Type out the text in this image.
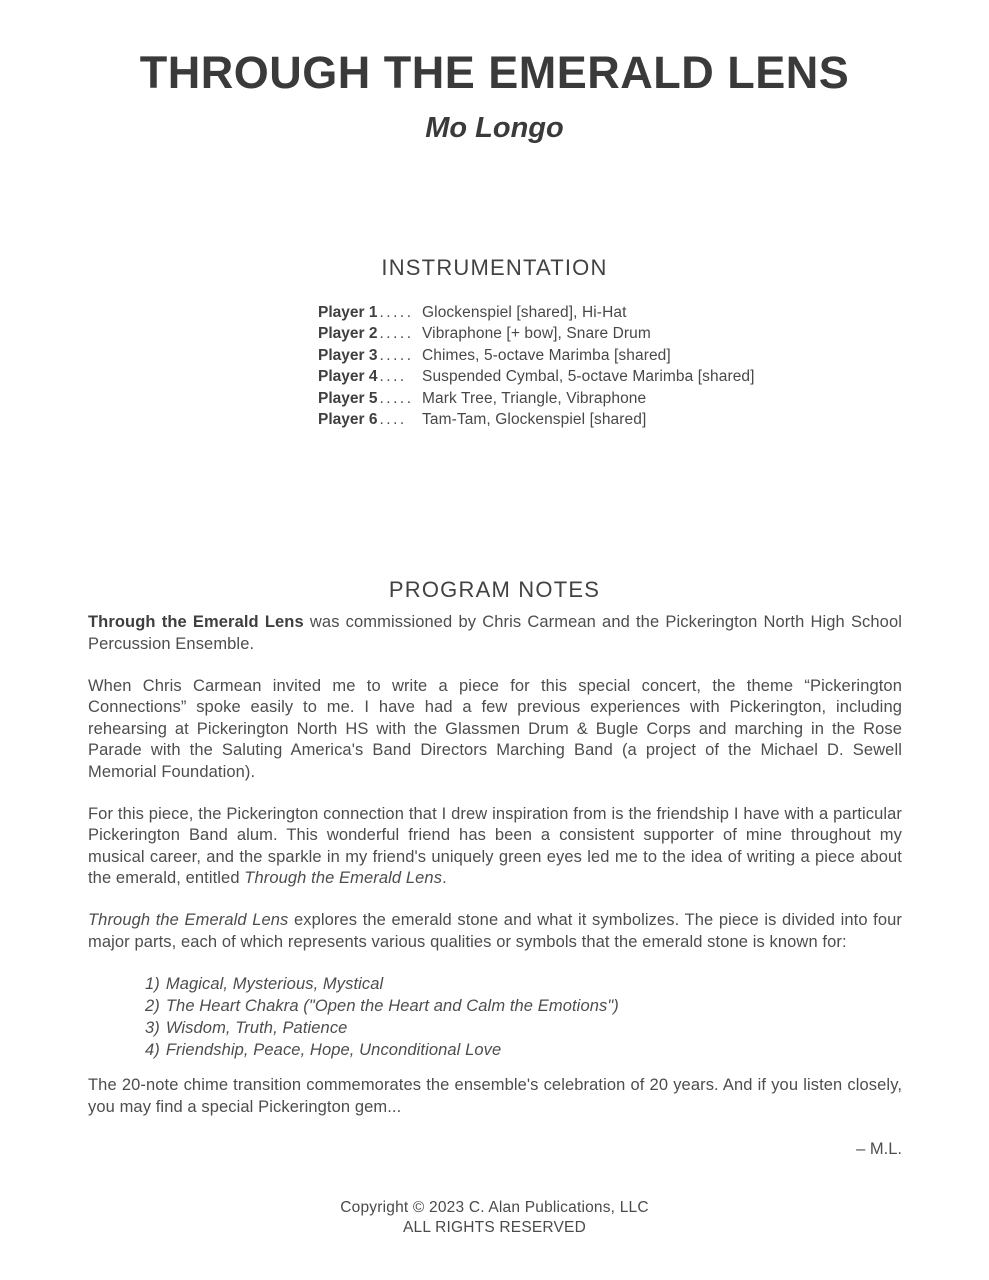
THROUGH THE EMERALD LENS
Mo Longo
INSTRUMENTATION
Player 1 ..... Glockenspiel [shared], Hi-Hat
Player 2 ..... Vibraphone [+ bow], Snare Drum
Player 3 ..... Chimes, 5-octave Marimba [shared]
Player 4 .... Suspended Cymbal, 5-octave Marimba [shared]
Player 5 ..... Mark Tree, Triangle, Vibraphone
Player 6 .... Tam-Tam, Glockenspiel [shared]
PROGRAM NOTES

Through the Emerald Lens was commissioned by Chris Carmean and the Pickerington North High School Percussion Ensemble.

When Chris Carmean invited me to write a piece for this special concert, the theme “Pickerington Connections” spoke easily to me. I have had a few previous experiences with Pickerington, including rehearsing at Pickerington North HS with the Glassmen Drum & Bugle Corps and marching in the Rose Parade with the Saluting America's Band Directors Marching Band (a project of the Michael D. Sewell Memorial Foundation).

For this piece, the Pickerington connection that I drew inspiration from is the friendship I have with a particular Pickerington Band alum. This wonderful friend has been a consistent supporter of mine throughout my musical career, and the sparkle in my friend's uniquely green eyes led me to the idea of writing a piece about the emerald, entitled Through the Emerald Lens.

Through the Emerald Lens explores the emerald stone and what it symbolizes. The piece is divided into four major parts, each of which represents various qualities or symbols that the emerald stone is known for:

1) Magical, Mysterious, Mystical
2) The Heart Chakra ("Open the Heart and Calm the Emotions")
3) Wisdom, Truth, Patience
4) Friendship, Peace, Hope, Unconditional Love

The 20-note chime transition commemorates the ensemble's celebration of 20 years. And if you listen closely, you may find a special Pickerington gem...

– M.L.
Copyright © 2023 C. Alan Publications, LLC
ALL RIGHTS RESERVED
